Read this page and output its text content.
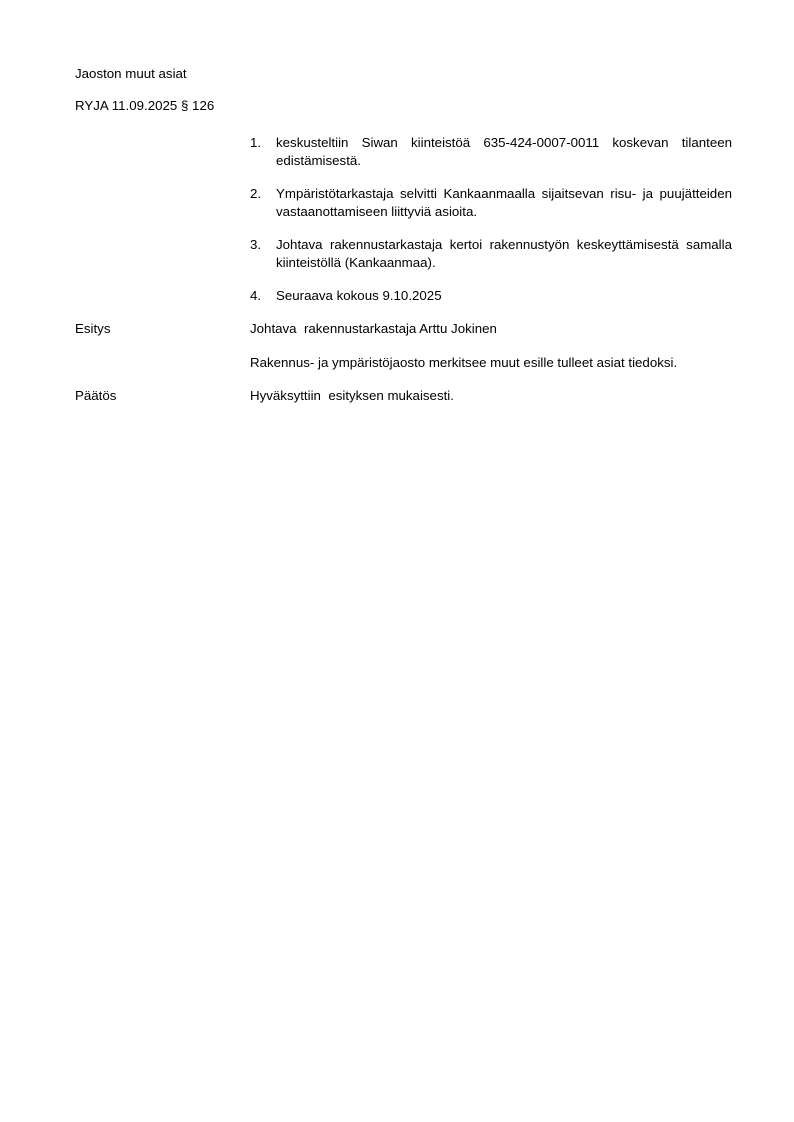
Jaoston muut asiat

RYJA 11.09.2025 § 126

keskusteltiin Siwan kiinteistöä 635-424-0007-0011 koskevan tilanteen edistämisestä.
Ympäristötarkastaja selvitti Kankaanmaalla sijaitsevan risu- ja puujätteiden vastaanottamiseen liittyviä asioita.
Johtava rakennustarkastaja kertoi rakennustyön keskeyttämisestä samalla kiinteistöllä (Kankaanmaa).
Seuraava kokous 9.10.2025
Esitys	Johtava  rakennustarkastaja Arttu Jokinen

Rakennus- ja ympäristöjaosto merkitsee muut esille tulleet asiat tiedoksi.

Päätös	Hyväksyttiin  esityksen mukaisesti.
